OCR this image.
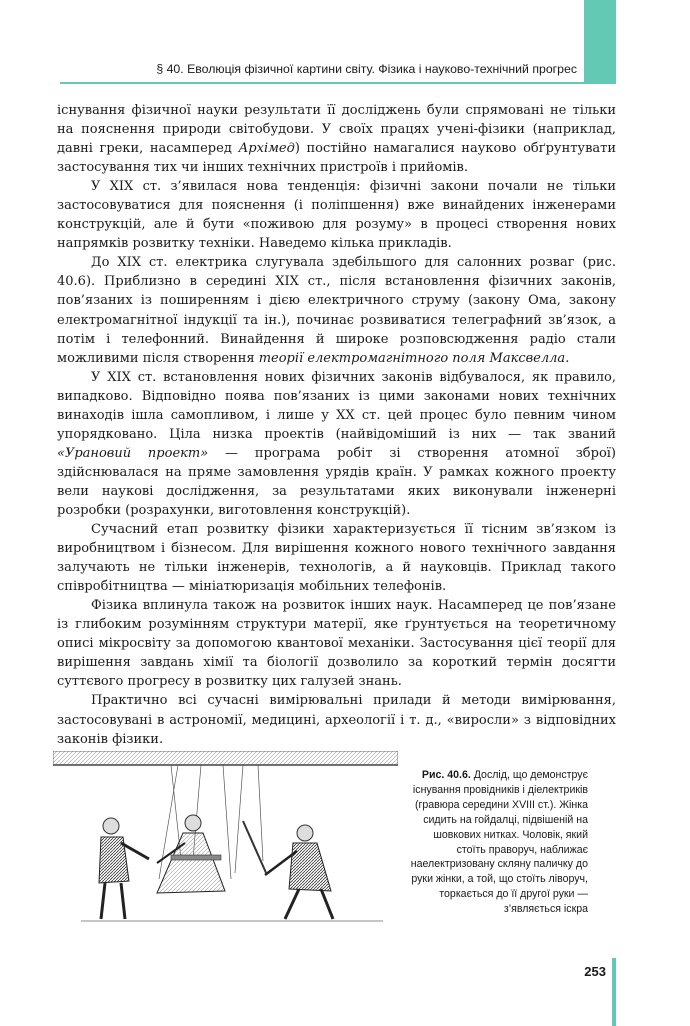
§ 40. Еволюція фізичної картини світу. Фізика і науково-технічний прогрес

існування фізичної науки результати її досліджень були спрямовані не тільки на пояснення природи світобудови. У своїх працях учені-фізики (наприклад, давні греки, насамперед Архімед) постійно намагалися науково обґрунтувати застосування тих чи інших технічних пристроїв і прийомів.

У XIX ст. з’явилася нова тенденція: фізичні закони почали не тільки застосовуватися для пояснення (і поліпшення) вже винайдених інженерами конструкцій, але й бути «поживою для розуму» в процесі створення нових напрямків розвитку техніки. Наведемо кілька прикладів.

До XIX ст. електрика слугувала здебільшого для салонних розваг (рис. 40.6). Приблизно в середині XIX ст., після встановлення фізичних законів, пов’язаних із поширенням і дією електричного струму (закону Ома, закону електромагнітної індукції та ін.), починає розвиватися телеграфний зв’язок, а потім і телефонний. Винайдення й широке розповсюдження радіо стали можливими після створення теорії електромагнітного поля Максвелла.

У XIX ст. встановлення нових фізичних законів відбувалося, як правило, випадково. Відповідно поява пов’язаних із цими законами нових технічних винаходів ішла самопливом, і лише у XX ст. цей процес було певним чином упорядковано. Ціла низка проектів (найвідоміший із них — так званий «Урановий проект» — програма робіт зі створення атомної зброї) здійснювалася на пряме замовлення урядів країн. У рамках кожного проекту вели наукові дослідження, за результатами яких виконували інженерні розробки (розрахунки, виготовлення конструкцій).

Сучасний етап розвитку фізики характеризується її тісним зв’язком із виробництвом і бізнесом. Для вирішення кожного нового технічного завдання залучають не тільки інженерів, технологів, а й науковців. Приклад такого співробітництва — мініатюризація мобільних телефонів.

Фізика вплинула також на розвиток інших наук. Насамперед це пов’язане із глибоким розумінням структури матерії, яке ґрунтується на теоретичному описі мікросвіту за допомогою квантової механіки. Застосування цієї теорії для вирішення завдань хімії та біології дозволило за короткий термін досягти суттєвого прогресу в розвитку цих галузей знань.

Практично всі сучасні вимірювальні прилади й методи вимірювання, застосовувані в астрономії, медицині, археології і т. д., «виросли» з відповідних законів фізики.

Рис. 40.6. Дослід, що демонструє існування провідників і діелектриків (гравюра середини XVIII ст.). Жінка сидить на гойдалці, підвішеній на шовкових нитках. Чоловік, який стоїть праворуч, наближає наелектризовану скляну паличку до руки жінки, а той, що стоїть ліворуч, торкається до її другої руки — з’являється іскра
253
